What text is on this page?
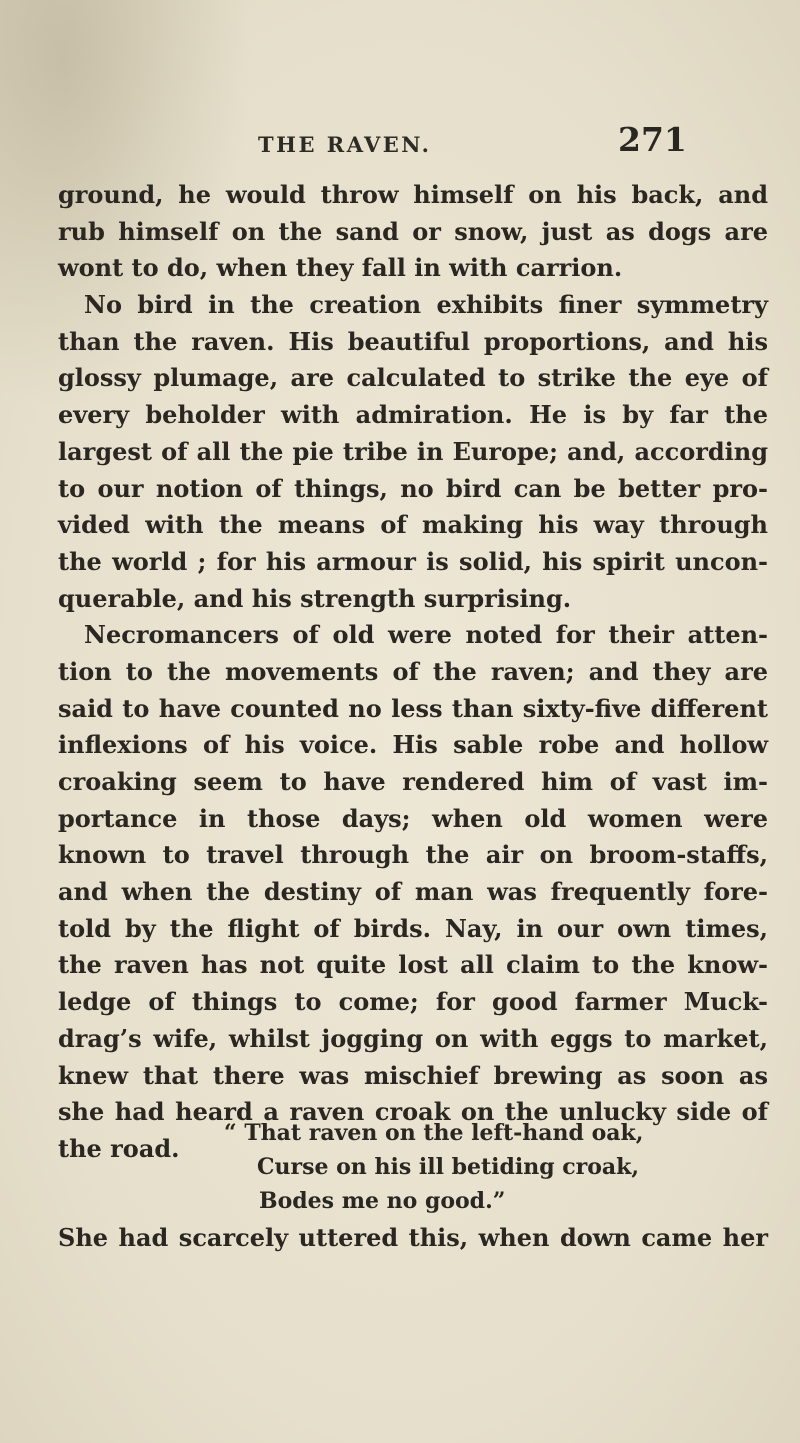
THE RAVEN.	271
ground, he would throw himself on his back, and
rub himself on the sand or snow, just as dogs are
wont to do, when they fall in with carrion.
No bird in the creation exhibits finer symmetry
than the raven. His beautiful proportions, and his
glossy plumage, are calculated to strike the eye of
every beholder with admiration. He is by far the
largest of all the pie tribe in Europe; and, according
to our notion of things, no bird can be better pro-
vided with the means of making his way through
the world ; for his armour is solid, his spirit uncon-
querable, and his strength surprising.
Necromancers of old were noted for their atten-
tion to the movements of the raven; and they are
said to have counted no less than sixty-five different
inflexions of his voice. His sable robe and hollow
croaking seem to have rendered him of vast im-
portance in those days; when old women were
known to travel through the air on broom-staffs,
and when the destiny of man was frequently fore-
told by the flight of birds. Nay, in our own times,
the raven has not quite lost all claim to the know-
ledge of things to come; for good farmer Muck-
drag’s wife, whilst jogging on with eggs to market,
knew that there was mischief brewing as soon as
she had heard a raven croak on the unlucky side of
the road.
“ That raven on the left-hand oak,
Curse on his ill betiding croak,
Bodes me no good.”
She had scarcely uttered this, when down came her
